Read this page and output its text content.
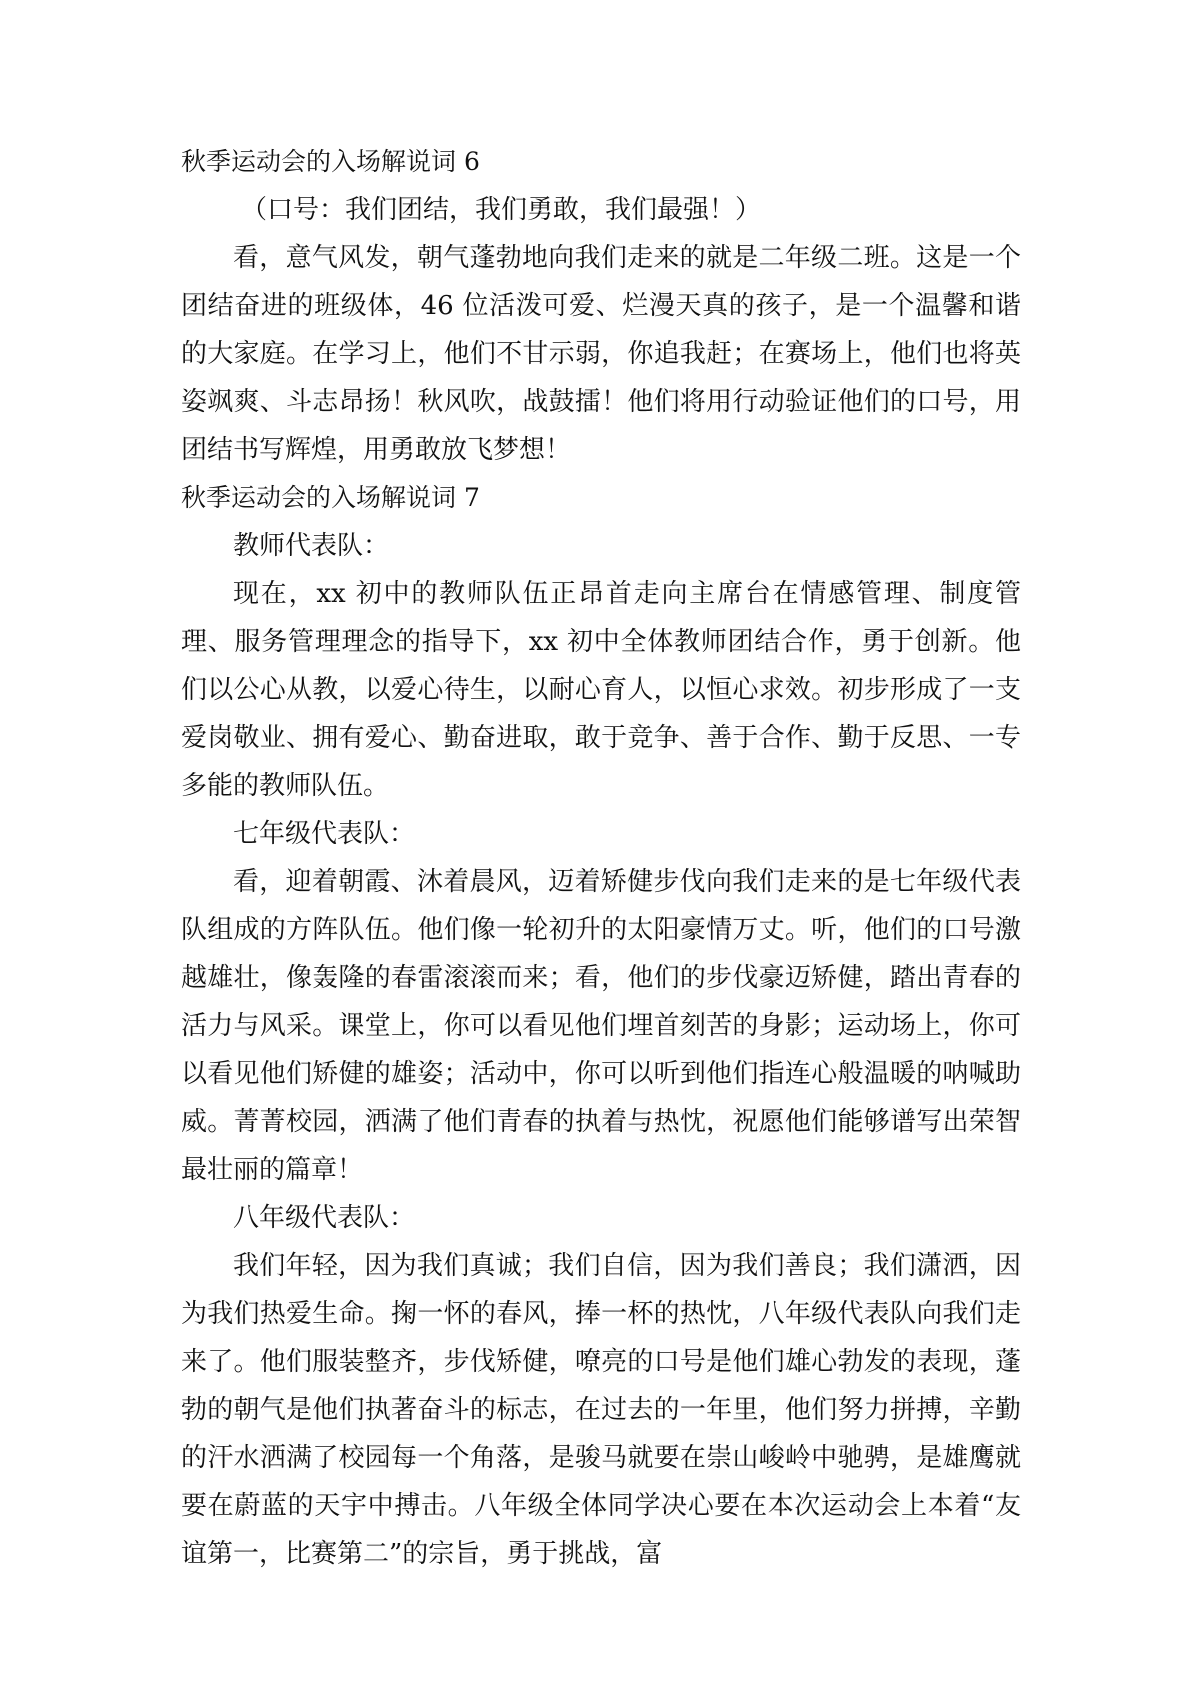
秋季运动会的入场解说词 6

（口号：我们团结，我们勇敢，我们最强！）

看，意气风发，朝气蓬勃地向我们走来的就是二年级二班。这是一个团结奋进的班级体，46 位活泼可爱、烂漫天真的孩子，是一个温馨和谐的大家庭。在学习上，他们不甘示弱，你追我赶；在赛场上，他们也将英姿飒爽、斗志昂扬！秋风吹，战鼓擂！他们将用行动验证他们的口号，用团结书写辉煌，用勇敢放飞梦想！

秋季运动会的入场解说词 7

教师代表队：

现在，xx 初中的教师队伍正昂首走向主席台在情感管理、制度管理、服务管理理念的指导下，xx 初中全体教师团结合作，勇于创新。他们以公心从教，以爱心待生，以耐心育人，以恒心求效。初步形成了一支爱岗敬业、拥有爱心、勤奋进取，敢于竞争、善于合作、勤于反思、一专多能的教师队伍。

七年级代表队：

看，迎着朝霞、沐着晨风，迈着矫健步伐向我们走来的是七年级代表队组成的方阵队伍。他们像一轮初升的太阳豪情万丈。听，他们的口号激越雄壮，像轰隆的春雷滚滚而来；看，他们的步伐豪迈矫健，踏出青春的活力与风采。课堂上，你可以看见他们埋首刻苦的身影；运动场上，你可以看见他们矫健的雄姿；活动中，你可以听到他们指连心般温暖的呐喊助威。菁菁校园，洒满了他们青春的执着与热忱，祝愿他们能够谱写出荣智最壮丽的篇章！

八年级代表队：

我们年轻，因为我们真诚；我们自信，因为我们善良；我们潇洒，因为我们热爱生命。掬一怀的春风，捧一杯的热忱，八年级代表队向我们走来了。他们服装整齐，步伐矫健，嘹亮的口号是他们雄心勃发的表现，蓬勃的朝气是他们执著奋斗的标志，在过去的一年里，他们努力拼搏，辛勤的汗水洒满了校园每一个角落，是骏马就要在崇山峻岭中驰骋，是雄鹰就要在蔚蓝的天宇中搏击。八年级全体同学决心要在本次运动会上本着“友谊第一，比赛第二”的宗旨，勇于挑战，富
